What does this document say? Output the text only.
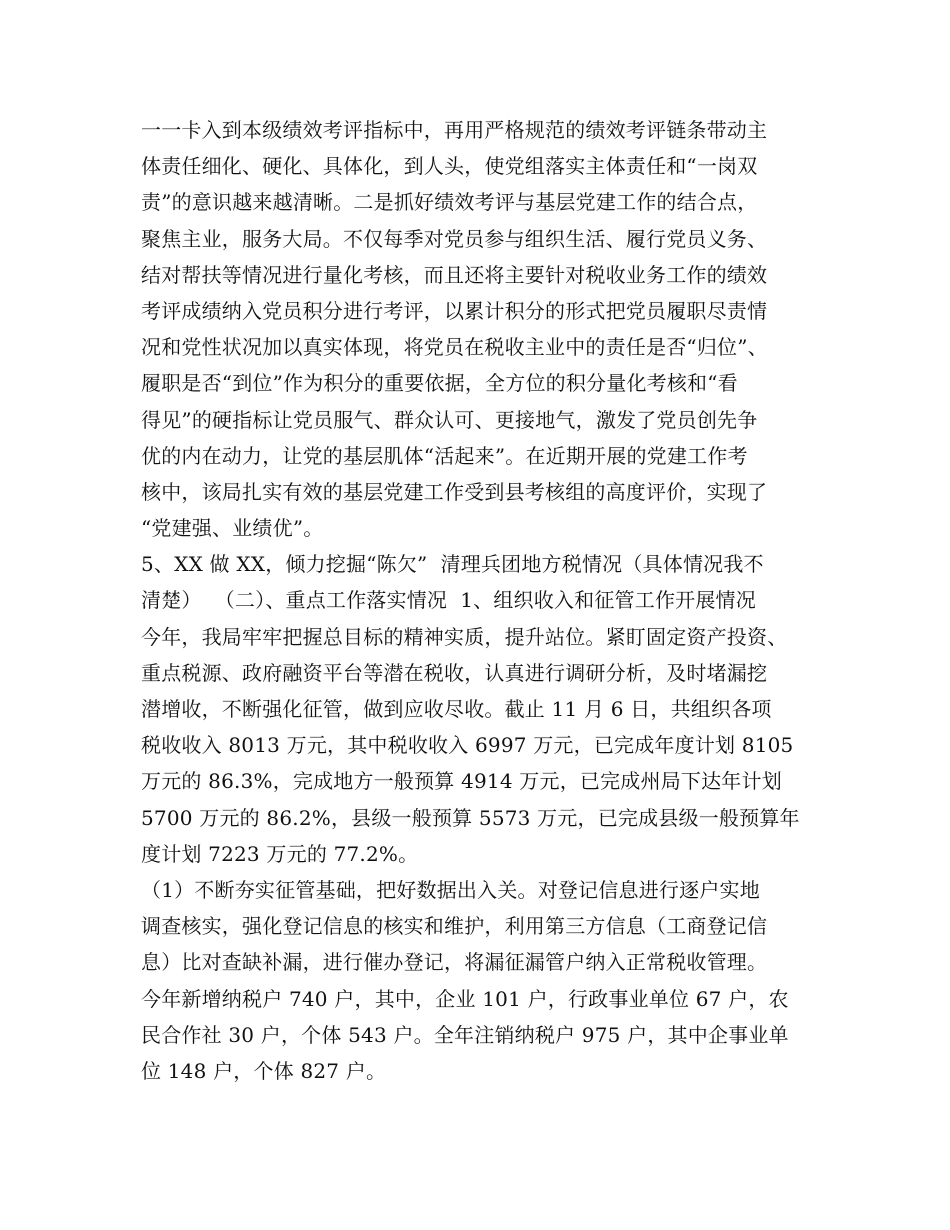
一一卡入到本级绩效考评指标中，再用严格规范的绩效考评链条带动主
体责任细化、硬化、具体化，到人头，使党组落实主体责任和“一岗双
责”的意识越来越清晰。二是抓好绩效考评与基层党建工作的结合点，
聚焦主业，服务大局。不仅每季对党员参与组织生活、履行党员义务、
结对帮扶等情况进行量化考核，而且还将主要针对税收业务工作的绩效
考评成绩纳入党员积分进行考评，以累计积分的形式把党员履职尽责情
况和党性状况加以真实体现，将党员在税收主业中的责任是否“归位”、
履职是否“到位”作为积分的重要依据，全方位的积分量化考核和“看
得见”的硬指标让党员服气、群众认可、更接地气，激发了党员创先争
优的内在动力，让党的基层肌体“活起来”。在近期开展的党建工作考
核中，该局扎实有效的基层党建工作受到县考核组的高度评价，实现了
“党建强、业绩优”。
5、XX 做 XX，倾力挖掘“陈欠”  清理兵团地方税情况（具体情况我不
清楚）  （二）、重点工作落实情况  1、组织收入和征管工作开展情况
今年，我局牢牢把握总目标的精神实质，提升站位。紧盯固定资产投资、
重点税源、政府融资平台等潜在税收，认真进行调研分析，及时堵漏挖
潜增收，不断强化征管，做到应收尽收。截止 11 月 6 日，共组织各项
税收收入 8013 万元，其中税收收入 6997 万元，已完成年度计划 8105
万元的 86.3%，完成地方一般预算 4914 万元，已完成州局下达年计划
5700 万元的 86.2%，县级一般预算 5573 万元，已完成县级一般预算年
度计划 7223 万元的 77.2%。
（1）不断夯实征管基础，把好数据出入关。对登记信息进行逐户实地
调查核实，强化登记信息的核实和维护，利用第三方信息（工商登记信
息）比对查缺补漏，进行催办登记，将漏征漏管户纳入正常税收管理。
今年新增纳税户 740 户，其中，企业 101 户，行政事业单位 67 户，农
民合作社 30 户，个体 543 户。全年注销纳税户 975 户，其中企事业单
位 148 户，个体 827 户。
